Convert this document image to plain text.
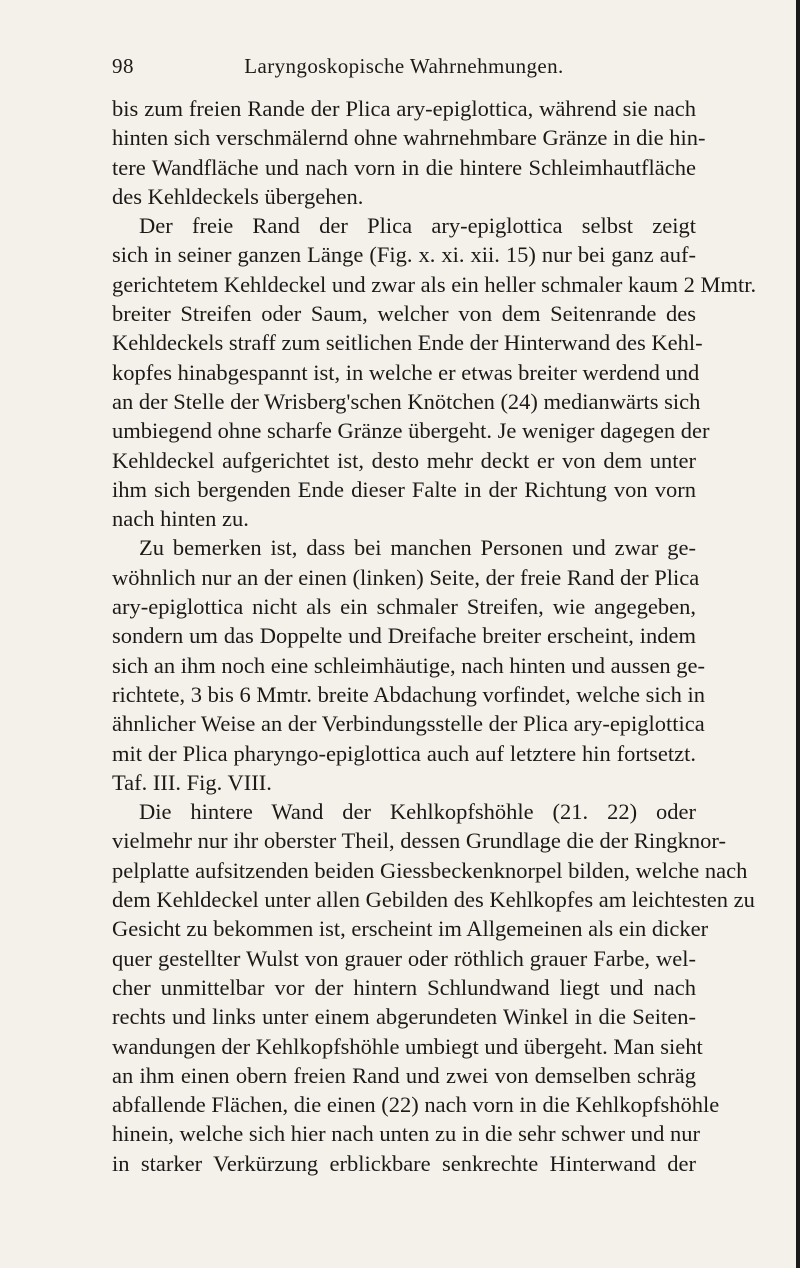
98	Laryngoskopische Wahrnehmungen.
bis zum freien Rande der Plica ary-epiglottica, während sie nach
hinten sich verschmälernd ohne wahrnehmbare Gränze in die hin-
tere Wandfläche und nach vorn in die hintere Schleimhautfläche
des Kehldeckels übergehen.
Der freie Rand der Plica ary-epiglottica selbst zeigt
sich in seiner ganzen Länge (Fig. x. xi. xii. 15) nur bei ganz auf-
gerichtetem Kehldeckel und zwar als ein heller schmaler kaum 2 Mmtr.
breiter Streifen oder Saum, welcher von dem Seitenrande des
Kehldeckels straff zum seitlichen Ende der Hinterwand des Kehl-
kopfes hinabgespannt ist, in welche er etwas breiter werdend und
an der Stelle der Wrisberg'schen Knötchen (24) medianwärts sich
umbiegend ohne scharfe Gränze übergeht. Je weniger dagegen der
Kehldeckel aufgerichtet ist, desto mehr deckt er von dem unter
ihm sich bergenden Ende dieser Falte in der Richtung von vorn
nach hinten zu.
Zu bemerken ist, dass bei manchen Personen und zwar ge-
wöhnlich nur an der einen (linken) Seite, der freie Rand der Plica
ary-epiglottica nicht als ein schmaler Streifen, wie angegeben,
sondern um das Doppelte und Dreifache breiter erscheint, indem
sich an ihm noch eine schleimhäutige, nach hinten und aussen ge-
richtete, 3 bis 6 Mmtr. breite Abdachung vorfindet, welche sich in
ähnlicher Weise an der Verbindungsstelle der Plica ary-epiglottica
mit der Plica pharyngo-epiglottica auch auf letztere hin fortsetzt.
Taf. III. Fig. VIII.
Die hintere Wand der Kehlkopfshöhle (21. 22) oder
vielmehr nur ihr oberster Theil, dessen Grundlage die der Ringknor-
pelplatte aufsitzenden beiden Giessbeckenknorpel bilden, welche nach
dem Kehldeckel unter allen Gebilden des Kehlkopfes am leichtesten zu
Gesicht zu bekommen ist, erscheint im Allgemeinen als ein dicker
quer gestellter Wulst von grauer oder röthlich grauer Farbe, wel-
cher unmittelbar vor der hintern Schlundwand liegt und nach
rechts und links unter einem abgerundeten Winkel in die Seiten-
wandungen der Kehlkopfshöhle umbiegt und übergeht. Man sieht
an ihm einen obern freien Rand und zwei von demselben schräg
abfallende Flächen, die einen (22) nach vorn in die Kehlkopfshöhle
hinein, welche sich hier nach unten zu in die sehr schwer und nur
in starker Verkürzung erblickbare senkrechte Hinterwand der
